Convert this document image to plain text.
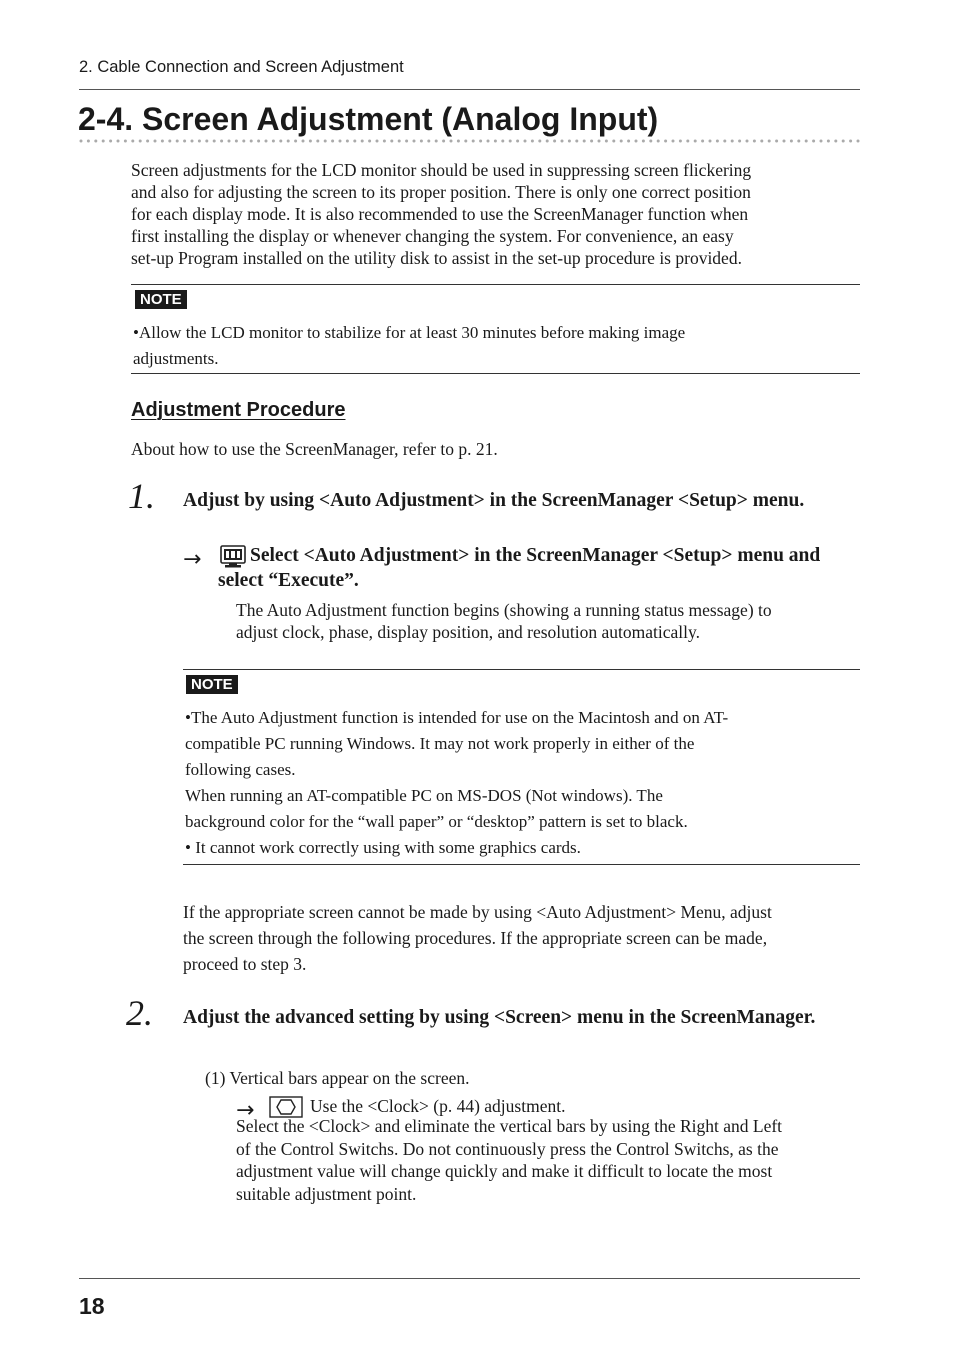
2. Cable Connection and Screen Adjustment
2-4. Screen Adjustment (Analog Input)
Screen adjustments for the LCD monitor should be used in suppressing screen flickering
and also for adjusting the screen to its proper position. There is only one correct position
for each display mode. It is also recommended to use the ScreenManager function when
first installing the display or whenever changing the system. For convenience, an easy
set-up Program installed on the utility disk to assist in the set-up procedure is provided.
NOTE
•Allow the LCD monitor to stabilize for at least 30 minutes before making image
adjustments.
Adjustment Procedure
About how to use the ScreenManager, refer to p. 21.
1. Adjust by using <Auto Adjustment> in the ScreenManager <Setup> menu.
→	Select <Auto Adjustment> in the ScreenManager <Setup> menu and select “Execute”.
The Auto Adjustment function begins (showing a running status message) to
adjust clock, phase, display position, and resolution automatically.
NOTE
•The Auto Adjustment function is intended for use on the Macintosh and on AT-
compatible PC running Windows. It may not work properly in either of the
following cases.
When running an AT-compatible PC on MS-DOS (Not windows). The
background color for the “wall paper” or “desktop” pattern is set to black.
• It cannot work correctly using with some graphics cards.
If the appropriate screen cannot be made by using <Auto Adjustment> Menu, adjust
the screen through the following procedures. If the appropriate screen can be made,
proceed to step 3.
2. Adjust the advanced setting by using <Screen> menu in the ScreenManager.
(1) Vertical bars appear on the screen.
→	Use the <Clock> (p. 44) adjustment.
Select the <Clock> and eliminate the vertical bars by using the Right and Left
of the Control Switchs. Do not continuously press the Control Switchs, as the
adjustment value will change quickly and make it difficult to locate the most
suitable adjustment point.
18
